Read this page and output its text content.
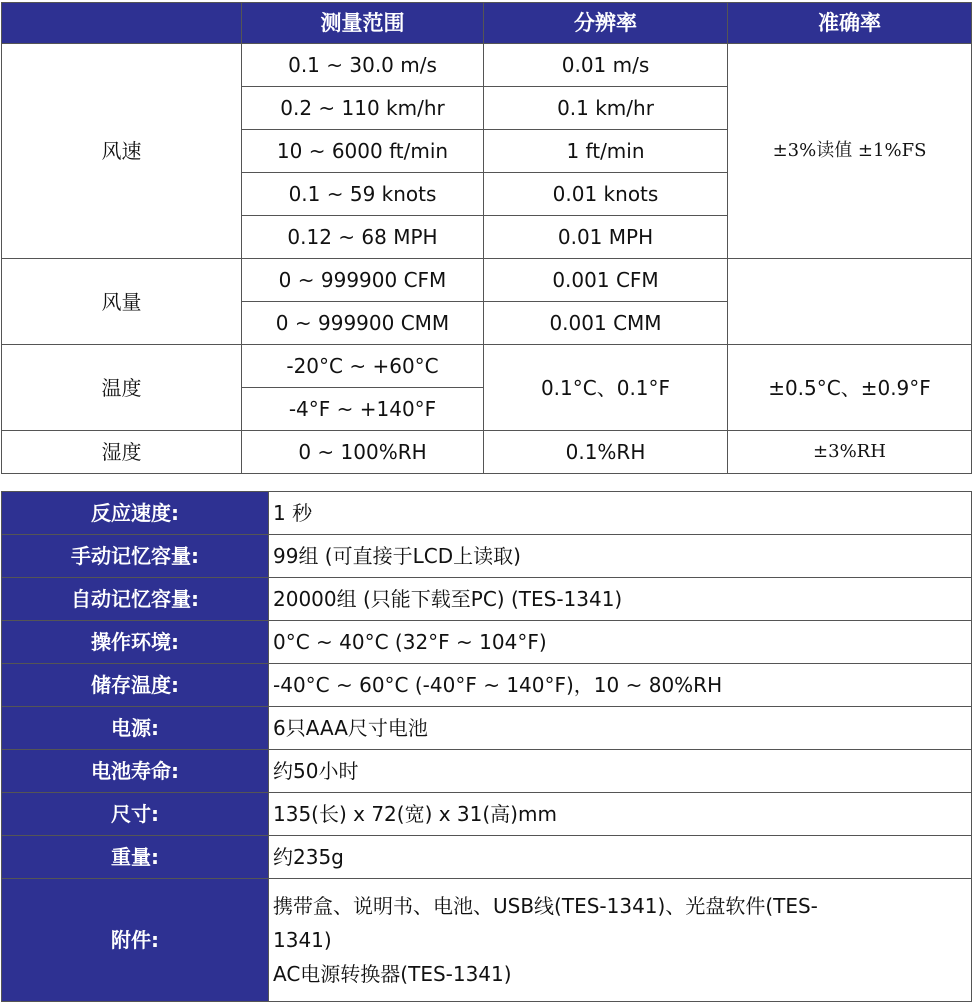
	测量范围	分辨率	准确率
风速	0.1 ~ 30.0 m/s	0.01 m/s	±3%读值 ±1%FS
	0.2 ~ 110 km/hr	0.1 km/hr	
	10 ~ 6000 ft/min	1 ft/min	
	0.1 ~ 59 knots	0.01 knots	
	0.12 ~ 68 MPH	0.01 MPH	
风量	0 ~ 999900 CFM	0.001 CFM	
	0 ~ 999900 CMM	0.001 CMM	
温度	-20°C ~ +60°C	0.1°C、0.1°F	±0.5°C、±0.9°F
	-4°F ~ +140°F		
湿度	0 ~ 100%RH	0.1%RH	±3%RH
反应速度:	1 秒
手动记忆容量:	99组 (可直接于LCD上读取)
自动记忆容量:	20000组 (只能下载至PC) (TES-1341)
操作环境:	0°C ~ 40°C (32°F ~ 104°F)
储存温度:	-40°C ~ 60°C (-40°F ~ 140°F)，10 ~ 80%RH
电源:	6只AAA尺寸电池
电池寿命:	约50小时
尺寸:	135(长) x 72(宽) x 31(高)mm
重量:	约235g
附件:	携带盒、说明书、电池、USB线(TES-1341)、光盘软件(TES-
1341)
AC电源转换器(TES-1341)
